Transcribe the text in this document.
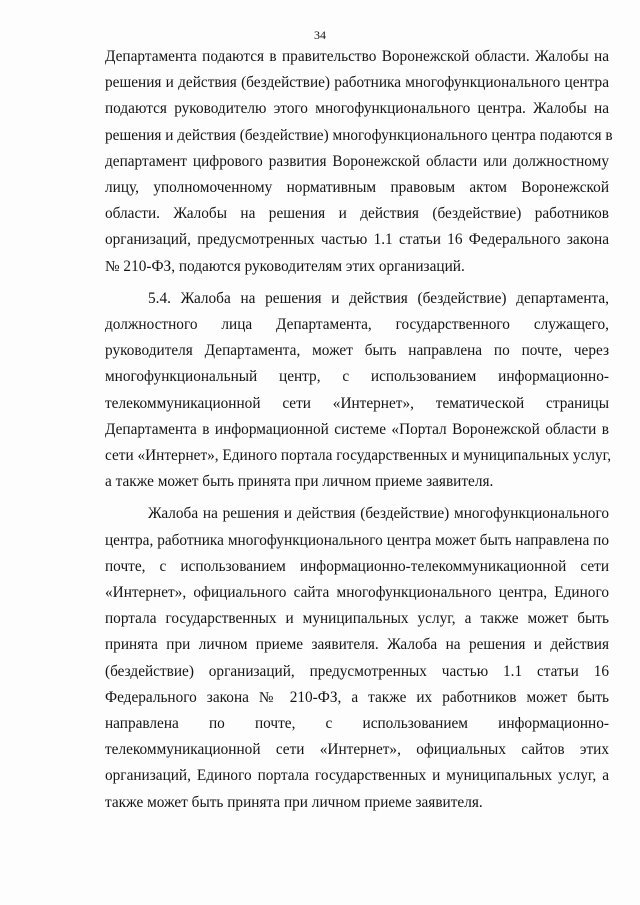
34

Департамента подаются в правительство Воронежской области. Жалобы на
решения и действия (бездействие) работника многофункционального центра
подаются руководителю этого многофункционального центра. Жалобы на
решения и действия (бездействие) многофункционального центра подаются в
департамент цифрового развития Воронежской области или должностному
лицу, уполномоченному нормативным правовым актом Воронежской
области. Жалобы на решения и действия (бездействие) работников
организаций, предусмотренных частью 1.1 статьи 16 Федерального закона
№ 210-ФЗ, подаются руководителям этих организаций.

5.4. Жалоба на решения и действия (бездействие) департамента,
должностного лица Департамента, государственного служащего,
руководителя Департамента, может быть направлена по почте, через
многофункциональный центр, с использованием информационно-
телекоммуникационной сети «Интернет», тематической страницы
Департамента в информационной системе «Портал Воронежской области в
сети «Интернет», Единого портала государственных и муниципальных услуг,
а также может быть принята при личном приеме заявителя.

Жалоба на решения и действия (бездействие) многофункционального
центра, работника многофункционального центра может быть направлена по
почте, с использованием информационно-телекоммуникационной сети
«Интернет», официального сайта многофункционального центра, Единого
портала государственных и муниципальных услуг, а также может быть
принята при личном приеме заявителя. Жалоба на решения и действия
(бездействие) организаций, предусмотренных частью 1.1 статьи 16
Федерального закона № 210-ФЗ, а также их работников может быть
направлена по почте, с использованием информационно-
телекоммуникационной сети «Интернет», официальных сайтов этих
организаций, Единого портала государственных и муниципальных услуг, а
также может быть принята при личном приеме заявителя.
